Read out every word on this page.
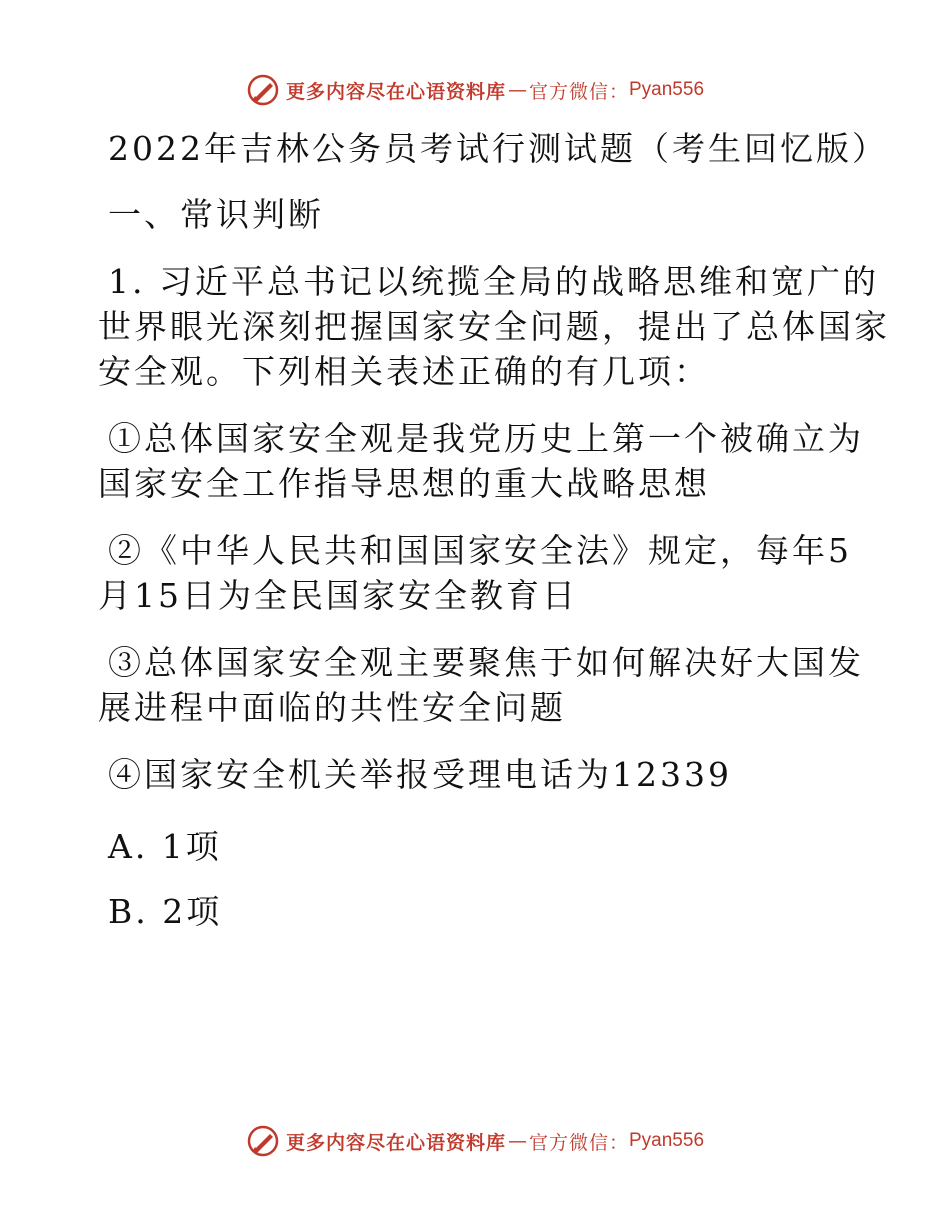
更多内容尽在心语资料库 — 官方微信： Pyan556
2022年吉林公务员考试行测试题（考生回忆版）
一、常识判断
1. 习近平总书记以统揽全局的战略思维和宽广的
世界眼光深刻把握国家安全问题，提出了总体国家
安全观。下列相关表述正确的有几项：
①总体国家安全观是我党历史上第一个被确立为
国家安全工作指导思想的重大战略思想
②《中华人民共和国国家安全法》规定，每年5
月15日为全民国家安全教育日
③总体国家安全观主要聚焦于如何解决好大国发
展进程中面临的共性安全问题
④国家安全机关举报受理电话为12339
A. 1项
B. 2项
更多内容尽在心语资料库 — 官方微信： Pyan556
